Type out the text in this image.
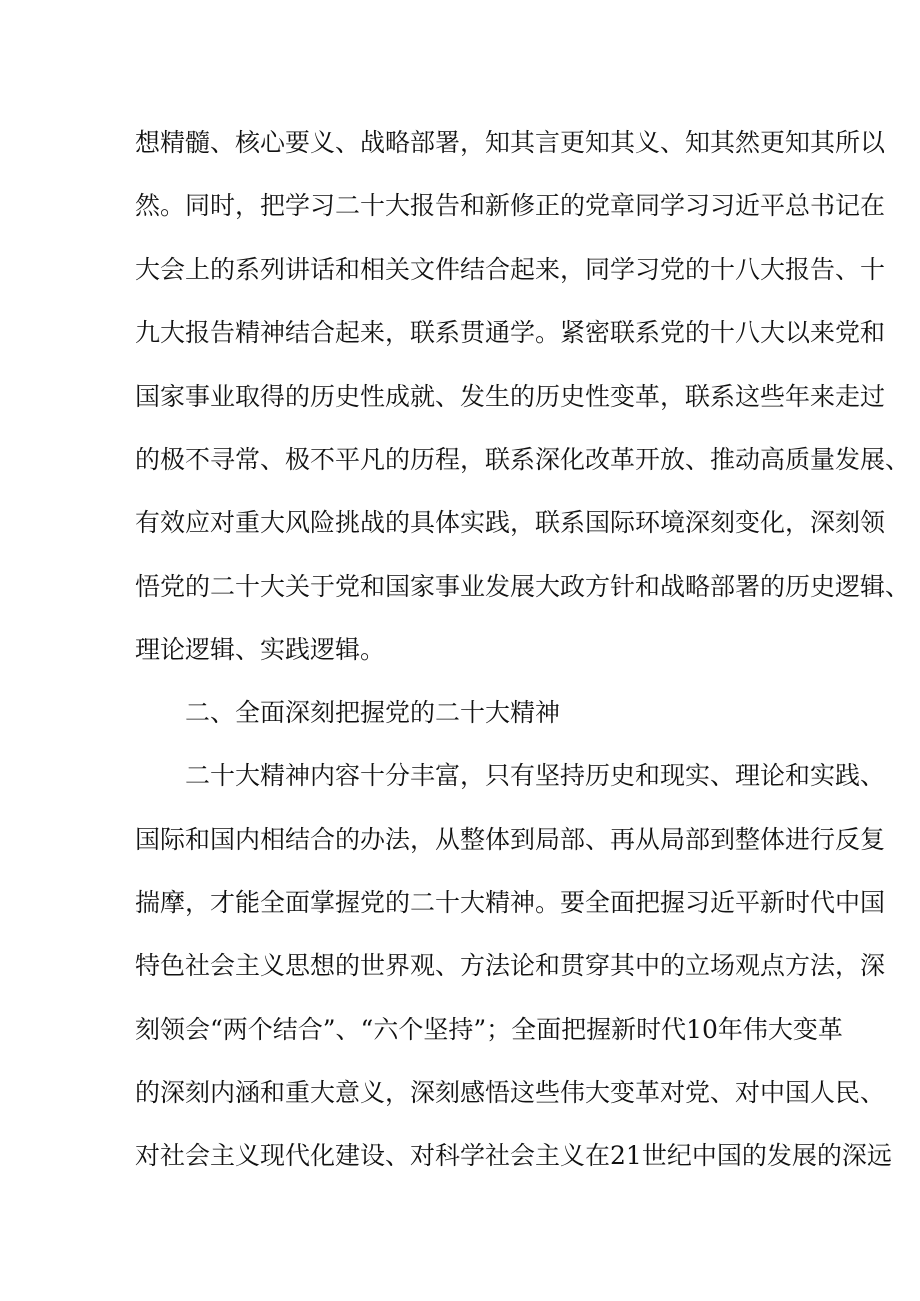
想精髓、核心要义、战略部署，知其言更知其义、知其然更知其所以
然。同时，把学习二十大报告和新修正的党章同学习习近平总书记在
大会上的系列讲话和相关文件结合起来，同学习党的十八大报告、十
九大报告精神结合起来，联系贯通学。紧密联系党的十八大以来党和
国家事业取得的历史性成就、发生的历史性变革，联系这些年来走过
的极不寻常、极不平凡的历程，联系深化改革开放、推动高质量发展、
有效应对重大风险挑战的具体实践，联系国际环境深刻变化，深刻领
悟党的二十大关于党和国家事业发展大政方针和战略部署的历史逻辑、
理论逻辑、实践逻辑。
二、全面深刻把握党的二十大精神
二十大精神内容十分丰富，只有坚持历史和现实、理论和实践、
国际和国内相结合的办法，从整体到局部、再从局部到整体进行反复
揣摩，才能全面掌握党的二十大精神。要全面把握习近平新时代中国
特色社会主义思想的世界观、方法论和贯穿其中的立场观点方法，深
刻领会“两个结合”、“六个坚持”；全面把握新时代10年伟大变革
的深刻内涵和重大意义，深刻感悟这些伟大变革对党、对中国人民、
对社会主义现代化建设、对科学社会主义在21世纪中国的发展的深远
